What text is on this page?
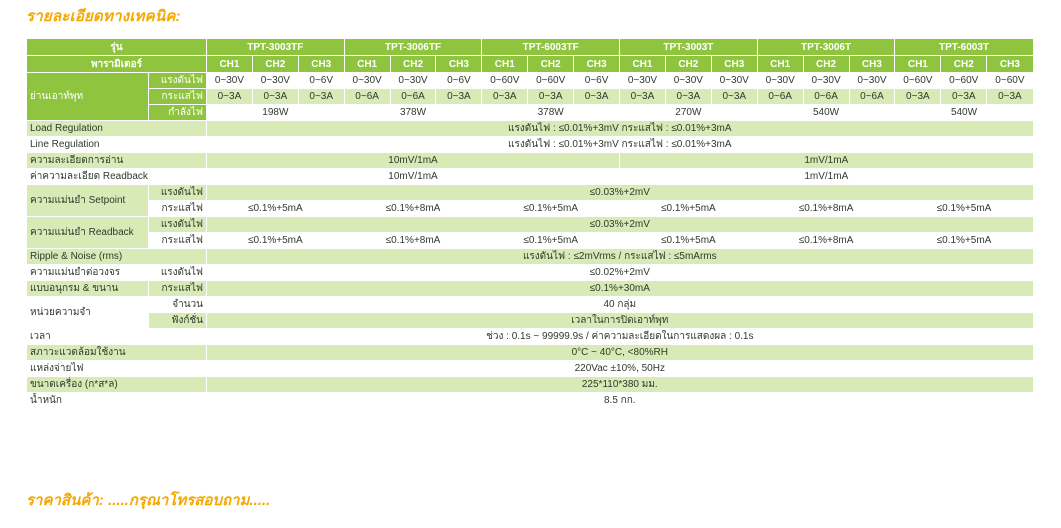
รายละเอียดทางเทคนิค:
รุ่น		TPT-3003TF			TPT-3006TF			TPT-6003TF			TPT-3003T			TPT-3006T			TPT-6003T		
พารามิเตอร์		CH1	CH2	CH3	CH1	CH2	CH3	CH1	CH2	CH3	CH1	CH2	CH3	CH1	CH2	CH3	CH1	CH2	CH3
ย่านเอาท์พุท	แรงดันไฟ	0~30V	0~30V	0~6V	0~30V	0~30V	0~6V	0~60V	0~60V	0~6V	0~30V	0~30V	0~30V	0~30V	0~30V	0~30V	0~60V	0~60V	0~60V
	กระแสไฟ	0~3A	0~3A	0~3A	0~6A	0~6A	0~3A	0~3A	0~3A	0~3A	0~3A	0~3A	0~3A	0~6A	0~6A	0~6A	0~3A	0~3A	0~3A
	กำลังไฟ	198W			378W			378W			270W			540W			540W		
Load Regulation		แรงดันไฟ : ≤0.01%+3mV กระแสไฟ : ≤0.01%+3mA																	
Line Regulation		แรงดันไฟ : ≤0.01%+3mV กระแสไฟ : ≤0.01%+3mA																	
ความละเอียดการอ่าน		10mV/1mA									1mV/1mA								
ค่าความละเอียด Readback		10mV/1mA									1mV/1mA								
ความแม่นยำ Setpoint	แรงดันไฟ	≤0.03%+2mV																	
	กระแสไฟ	≤0.1%+5mA			≤0.1%+8mA			≤0.1%+5mA			≤0.1%+5mA			≤0.1%+8mA			≤0.1%+5mA		
ความแม่นยำ Readback	แรงดันไฟ	≤0.03%+2mV																	
	กระแสไฟ	≤0.1%+5mA			≤0.1%+8mA			≤0.1%+5mA			≤0.1%+5mA			≤0.1%+8mA			≤0.1%+5mA		
Ripple & Noise (rms)		แรงดันไฟ : ≤2mVrms / กระแสไฟ : ≤5mArms																	
ความแม่นยำต่อวงจร	แรงดันไฟ	≤0.02%+2mV																	
แบบอนุกรม & ขนาน	กระแสไฟ	≤0.1%+30mA																	
หน่วยความจำ	จำนวน	40 กลุ่ม																	
	ฟังก์ชั่น	เวลาในการปิดเอาท์พุท																	
เวลา		ช่วง : 0.1s ~ 99999.9s / ค่าความละเอียดในการแสดงผล : 0.1s																	
สภาวะแวดล้อมใช้งาน		0°C ~ 40°C, <80%RH																	
แหล่งจ่ายไฟ		220Vac ±10%, 50Hz																	
ขนาดเครื่อง (ก*ส*ล)		225*110*380 มม.																	
น้ำหนัก		8.5 กก.																	
ราคาสินค้า: .....กรุณาโทรสอบถาม.....
